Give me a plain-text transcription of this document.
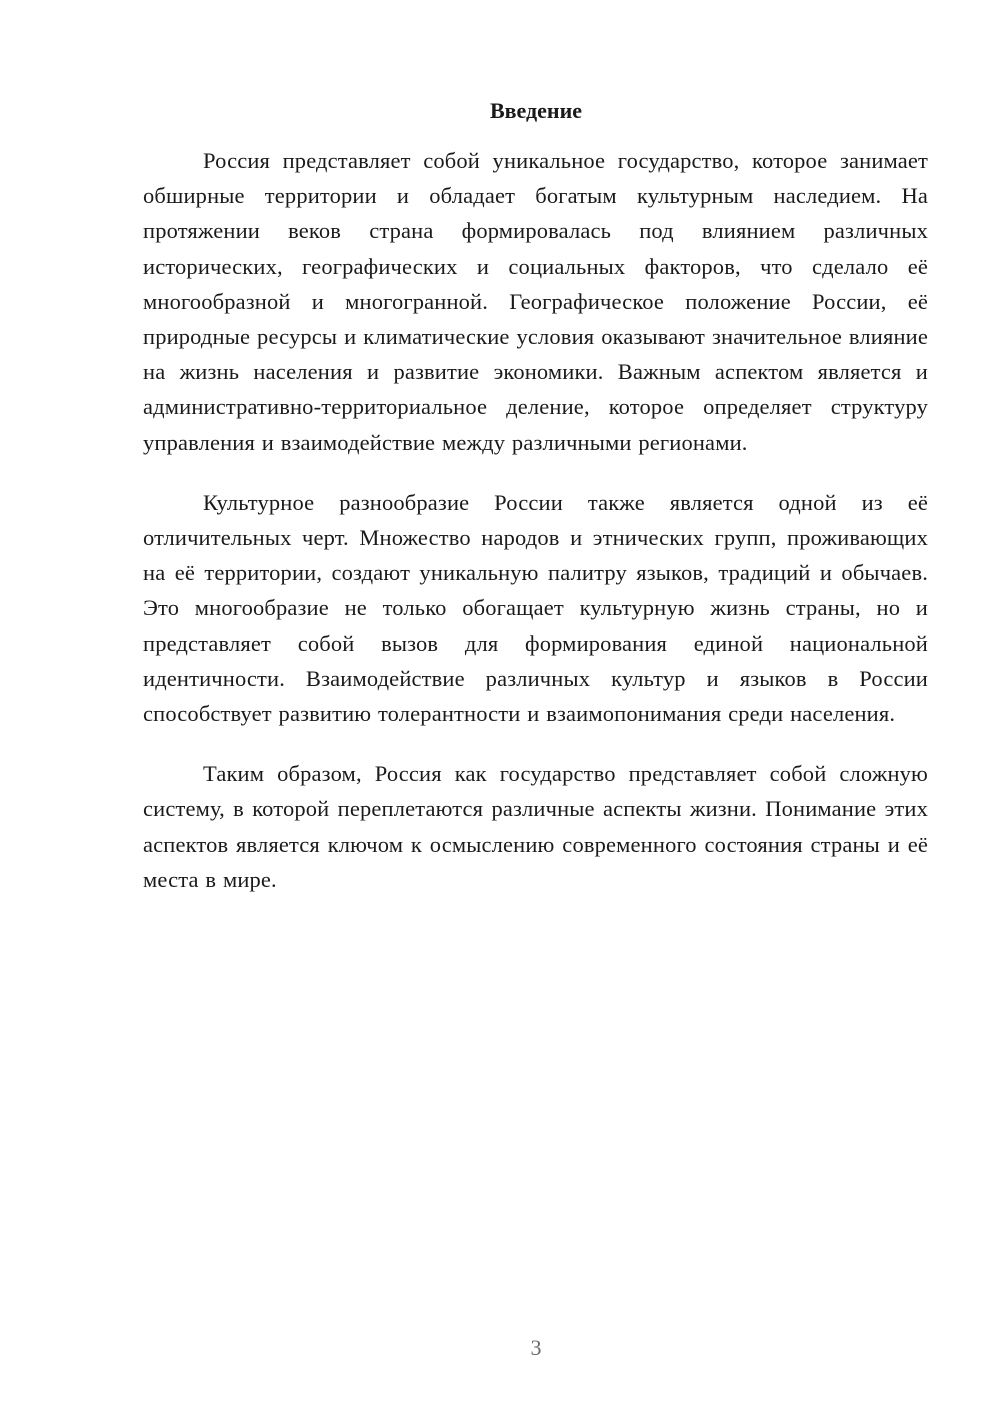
Введение

Россия представляет собой уникальное государство, которое занимает обширные территории и обладает богатым культурным наследием. На протяжении веков страна формировалась под влиянием различных исторических, географических и социальных факторов, что сделало её многообразной и многогранной. Географическое положение России, её природные ресурсы и климатические условия оказывают значительное влияние на жизнь населения и развитие экономики. Важным аспектом является и административно-территориальное деление, которое определяет структуру управления и взаимодействие между различными регионами.

Культурное разнообразие России также является одной из её отличительных черт. Множество народов и этнических групп, проживающих на её территории, создают уникальную палитру языков, традиций и обычаев. Это многообразие не только обогащает культурную жизнь страны, но и представляет собой вызов для формирования единой национальной идентичности. Взаимодействие различных культур и языков в России способствует развитию толерантности и взаимопонимания среди населения.

Таким образом, Россия как государство представляет собой сложную систему, в которой переплетаются различные аспекты жизни. Понимание этих аспектов является ключом к осмыслению современного состояния страны и её места в мире.

3
